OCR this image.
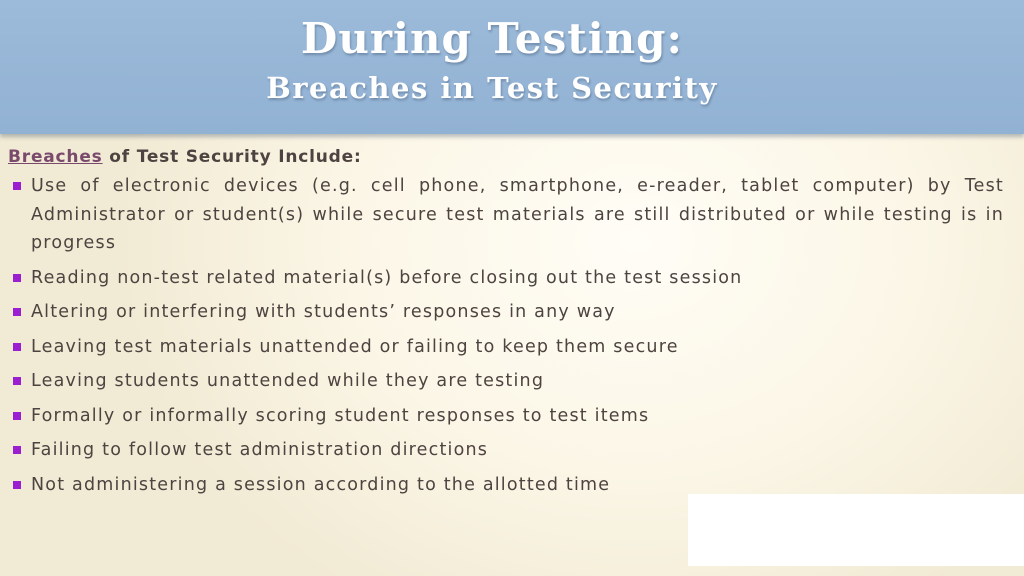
During Testing:
Breaches in Test Security
Breaches of Test Security Include:
Use of electronic devices (e.g. cell phone, smartphone, e-reader, tablet computer) by Test Administrator or student(s) while secure test materials are still distributed or while testing is in progress
Reading non-test related material(s) before closing out the test session
Altering or interfering with students’ responses in any way
Leaving test materials unattended or failing to keep them secure
Leaving students unattended while they are testing
Formally or informally scoring student responses to test items
Failing to follow test administration directions
Not administering a session according to the allotted time
